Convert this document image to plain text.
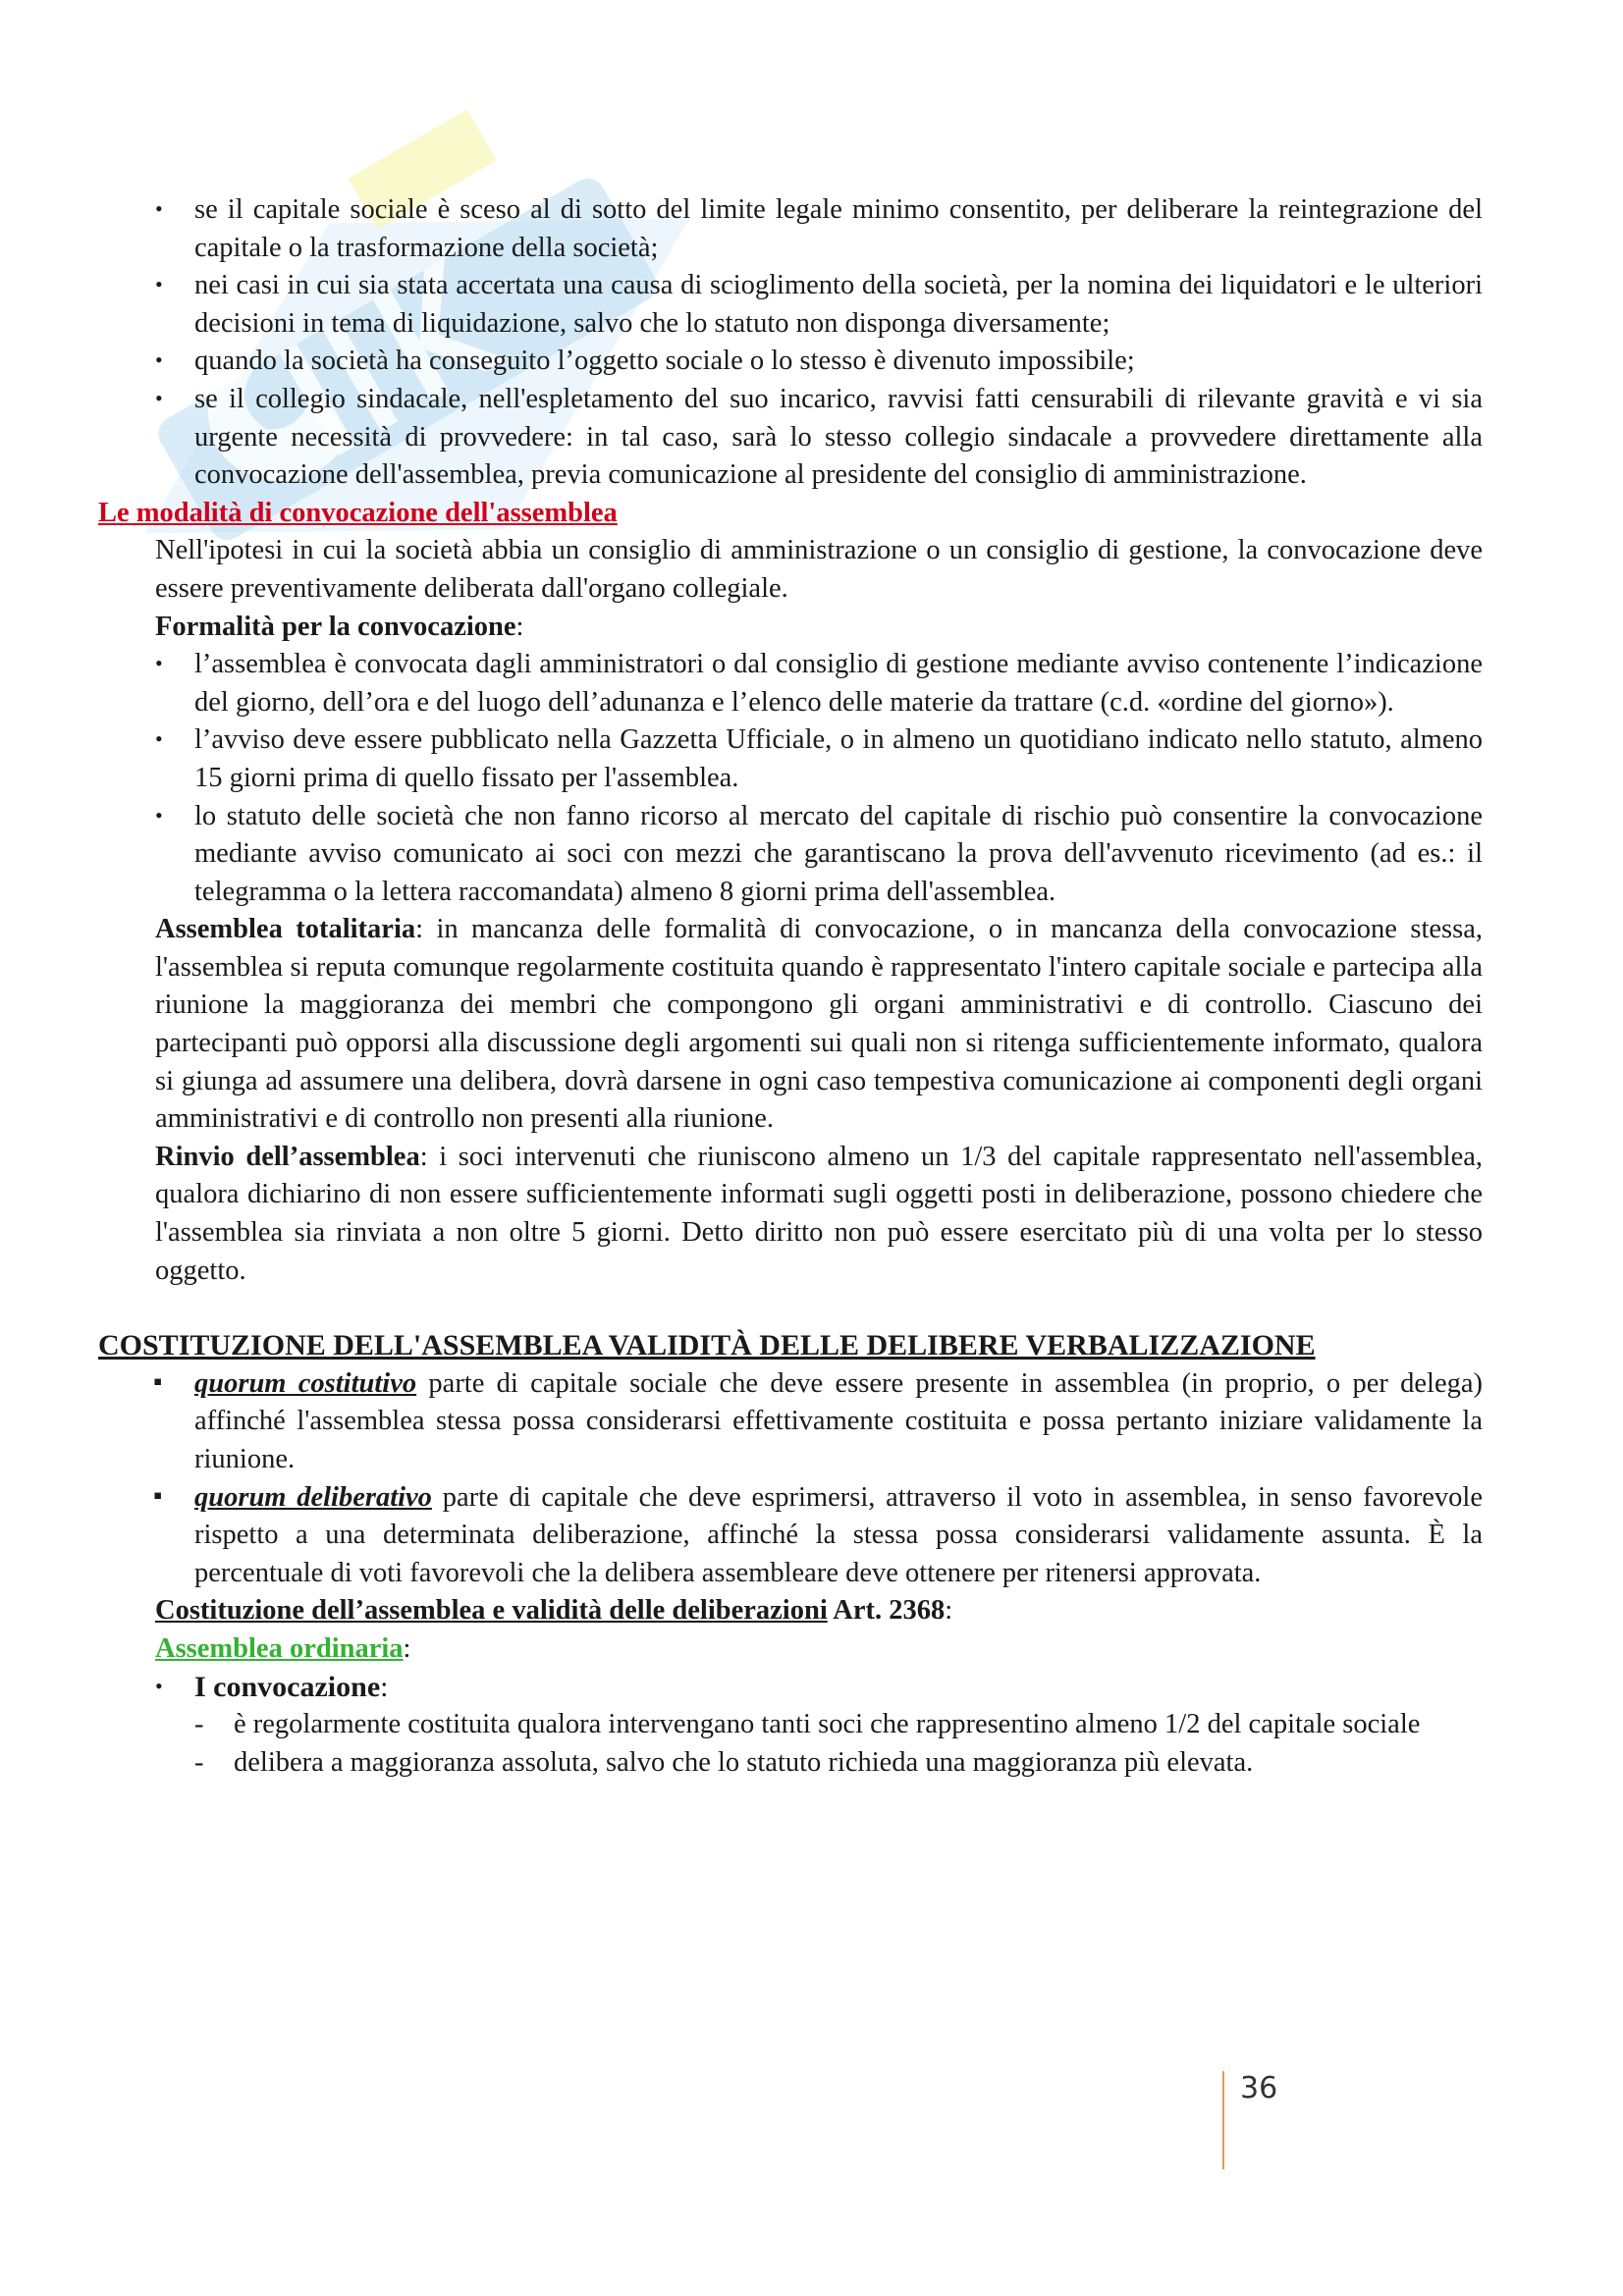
• se il capitale sociale è sceso al di sotto del limite legale minimo consentito, per deliberare la reintegrazione del capitale o la trasformazione della società;
• nei casi in cui sia stata accertata una causa di scioglimento della società, per la nomina dei liquidatori e le ulteriori decisioni in tema di liquidazione, salvo che lo statuto non disponga diversamente;
• quando la società ha conseguito l’oggetto sociale o lo stesso è divenuto impossibile;
• se il collegio sindacale, nell'espletamento del suo incarico, ravvisi fatti censurabili di rilevante gravità e vi sia urgente necessità di provvedere: in tal caso, sarà lo stesso collegio sindacale a provvedere direttamente alla convocazione dell'assemblea, previa comunicazione al presidente del consiglio di amministrazione.

Le modalità di convocazione dell'assemblea

Nell'ipotesi in cui la società abbia un consiglio di amministrazione o un consiglio di gestione, la convocazione deve essere preventivamente deliberata dall'organo collegiale.

Formalità per la convocazione:

• l’assemblea è convocata dagli amministratori o dal consiglio di gestione mediante avviso contenente l’indicazione del giorno, dell’ora e del luogo dell’adunanza e l’elenco delle materie da trattare (c.d. «ordine del giorno»).
• l’avviso deve essere pubblicato nella Gazzetta Ufficiale, o in almeno un quotidiano indicato nello statuto, almeno 15 giorni prima di quello fissato per l'assemblea.
• lo statuto delle società che non fanno ricorso al mercato del capitale di rischio può consentire la convocazione mediante avviso comunicato ai soci con mezzi che garantiscano la prova dell'avvenuto ricevimento (ad es.: il telegramma o la lettera raccomandata) almeno 8 giorni prima dell'assemblea.

Assemblea totalitaria: in mancanza delle formalità di convocazione, o in mancanza della convocazione stessa, l'assemblea si reputa comunque regolarmente costituita quando è rappresentato l'intero capitale sociale e partecipa alla riunione la maggioranza dei membri che compongono gli organi amministrativi e di controllo. Ciascuno dei partecipanti può opporsi alla discussione degli argomenti sui quali non si ritenga sufficientemente informato, qualora si giunga ad assumere una delibera, dovrà darsene in ogni caso tempestiva comunicazione ai componenti degli organi amministrativi e di controllo non presenti alla riunione.

Rinvio dell’assemblea: i soci intervenuti che riuniscono almeno un 1/3 del capitale rappresentato nell'assemblea, qualora dichiarino di non essere sufficientemente informati sugli oggetti posti in deliberazione, possono chiedere che l'assemblea sia rinviata a non oltre 5 giorni. Detto diritto non può essere esercitato più di una volta per lo stesso oggetto.

COSTITUZIONE DELL'ASSEMBLEA VALIDITÀ DELLE DELIBERE VERBALIZZAZIONE

▪ quorum costitutivo parte di capitale sociale che deve essere presente in assemblea (in proprio, o per delega) affinché l'assemblea stessa possa considerarsi effettivamente costituita e possa pertanto iniziare validamente la riunione.
▪ quorum deliberativo parte di capitale che deve esprimersi, attraverso il voto in assemblea, in senso favorevole rispetto a una determinata deliberazione, affinché la stessa possa considerarsi validamente assunta. È la percentuale di voti favorevoli che la delibera assembleare deve ottenere per ritenersi approvata.

Costituzione dell’assemblea e validità delle deliberazioni Art. 2368:

Assemblea ordinaria:

• I convocazione:
- è regolarmente costituita qualora intervengano tanti soci che rappresentino almeno 1/2 del capitale sociale
- delibera a maggioranza assoluta, salvo che lo statuto richieda una maggioranza più elevata.
36
